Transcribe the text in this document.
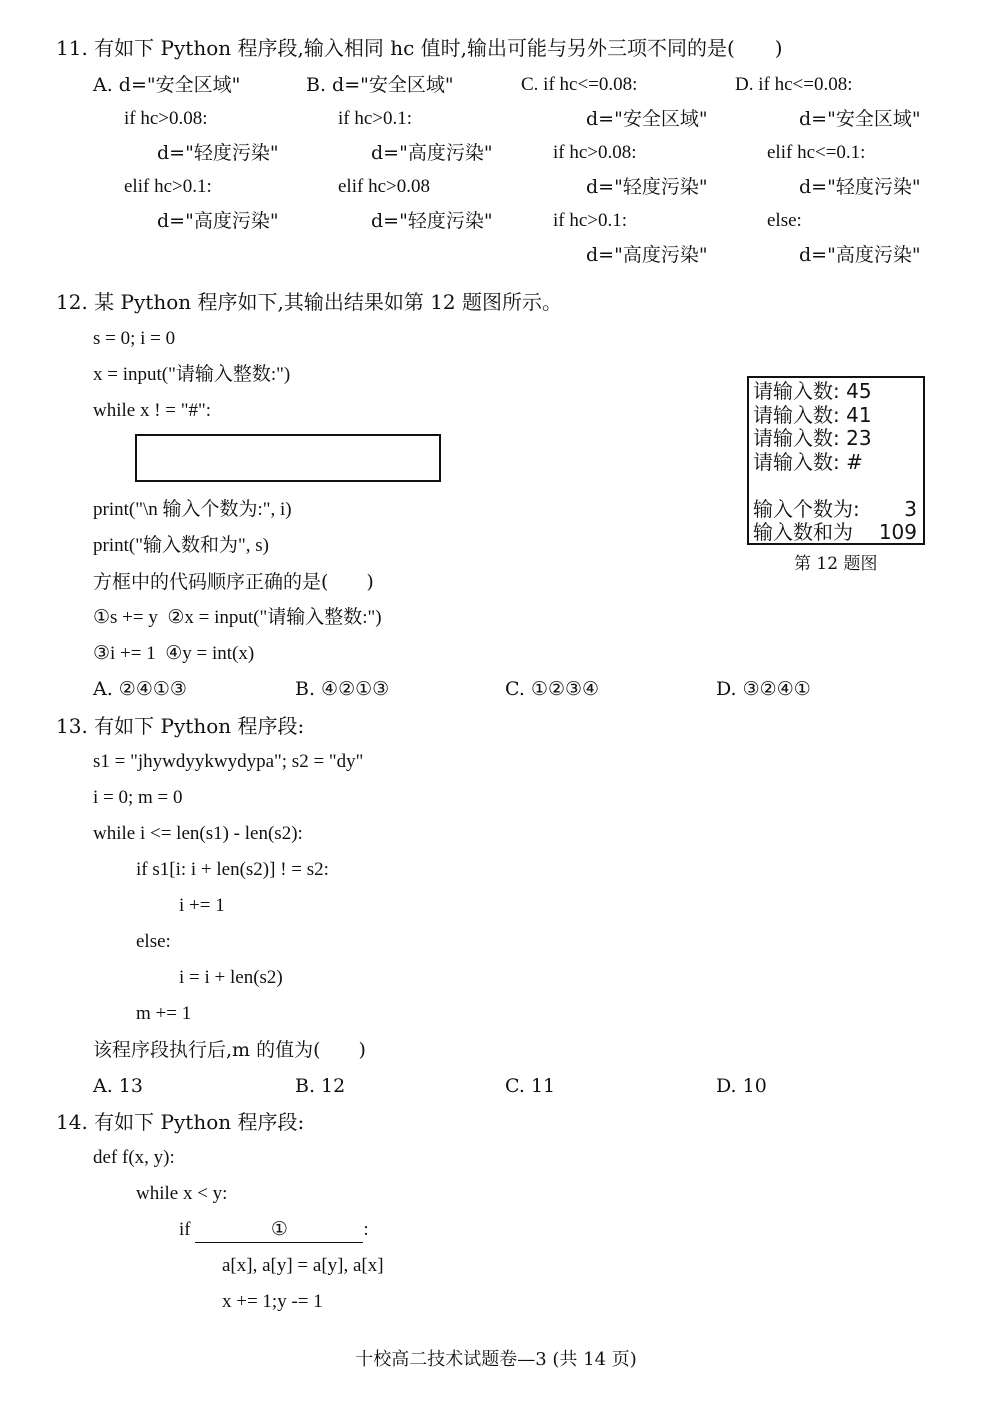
11. 有如下 Python 程序段,输入相同 hc 值时,输出可能与另外三项不同的是(　　)
A. d="安全区域"
if hc>0.08:
d="轻度污染"
elif hc>0.1:
d="高度污染"
B. d="安全区域"
if hc>0.1:
d="高度污染"
elif hc>0.08
d="轻度污染"
C. if hc<=0.08:
d="安全区域"
if hc>0.08:
d="轻度污染"
if hc>0.1:
d="高度污染"
D. if hc<=0.08:
d="安全区域"
elif hc<=0.1:
d="轻度污染"
else:
d="高度污染"
12. 某 Python 程序如下,其输出结果如第 12 题图所示。
s = 0; i = 0
x = input("请输入整数:")
while x ! = "#":
print("\n 输入个数为:", i)
print("输入数和为", s)
方框中的代码顺序正确的是(　　)
①s += y  ②x = input("请输入整数:")
③i += 1  ④y = int(x)
A. ②④①③	B. ④②①③	C. ①②③④	D. ③②④①
请输入数: 45
请输入数: 41
请输入数: 23
请输入数: #
输入个数为: 3
输入数和为 109
第 12 题图
13. 有如下 Python 程序段:
s1 = "jhywdyykwydypa"; s2 = "dy"
i = 0; m = 0
while i <= len(s1) - len(s2):
if s1[i: i + len(s2)] ! = s2:
i += 1
else:
i = i + len(s2)
m += 1
该程序段执行后,m 的值为(　　)
A. 13	B. 12	C. 11	D. 10
14. 有如下 Python 程序段:
def f(x, y):
while x < y:
if	①	:
a[x], a[y] = a[y], a[x]
x += 1;y -= 1
十校高二技术试题卷—3 (共 14 页)
